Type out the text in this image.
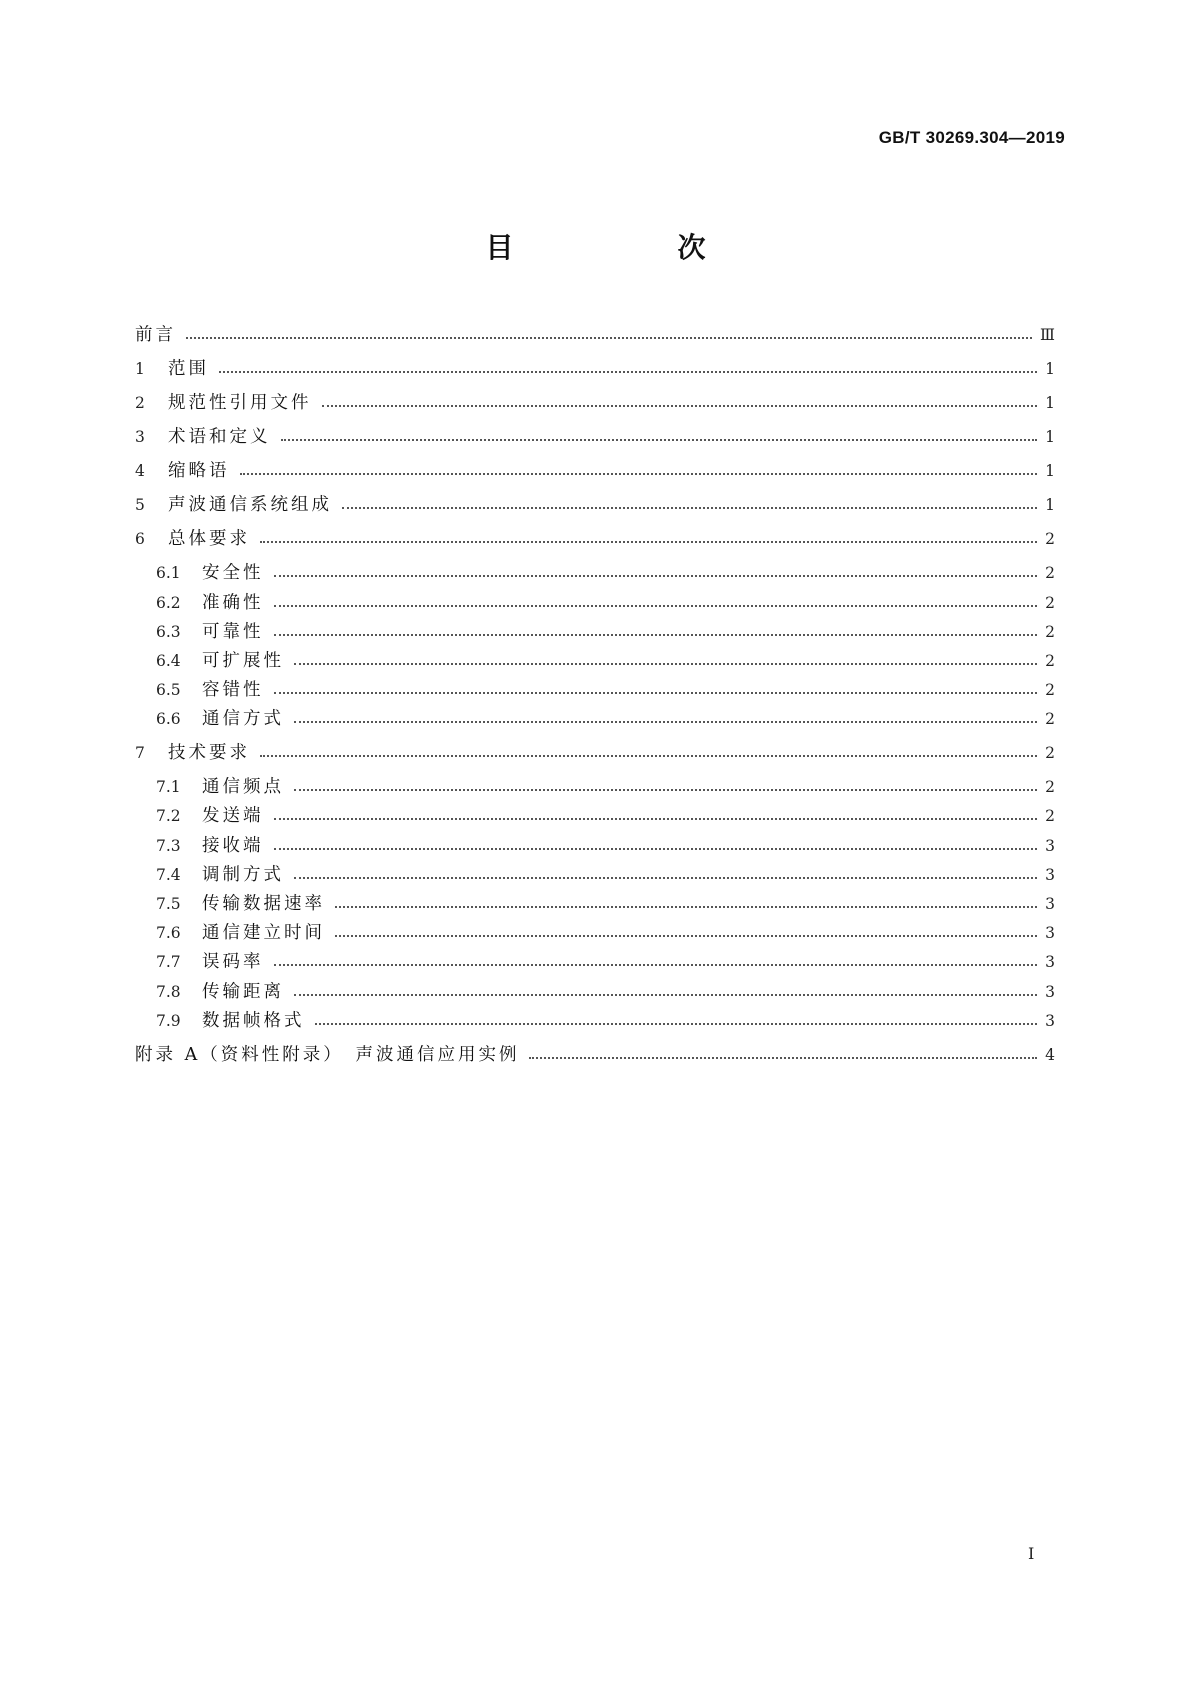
GB/T 30269.304—2019
目　次
前言	Ⅲ
1	范围	1
2	规范性引用文件	1
3	术语和定义	1
4	缩略语	1
5	声波通信系统组成	1
6	总体要求	2
6.1	安全性	2
6.2	准确性	2
6.3	可靠性	2
6.4	可扩展性	2
6.5	容错性	2
6.6	通信方式	2
7	技术要求	2
7.1	通信频点	2
7.2	发送端	2
7.3	接收端	3
7.4	调制方式	3
7.5	传输数据速率	3
7.6	通信建立时间	3
7.7	误码率	3
7.8	传输距离	3
7.9	数据帧格式	3
附录 A（资料性附录）　声波通信应用实例	4
I
